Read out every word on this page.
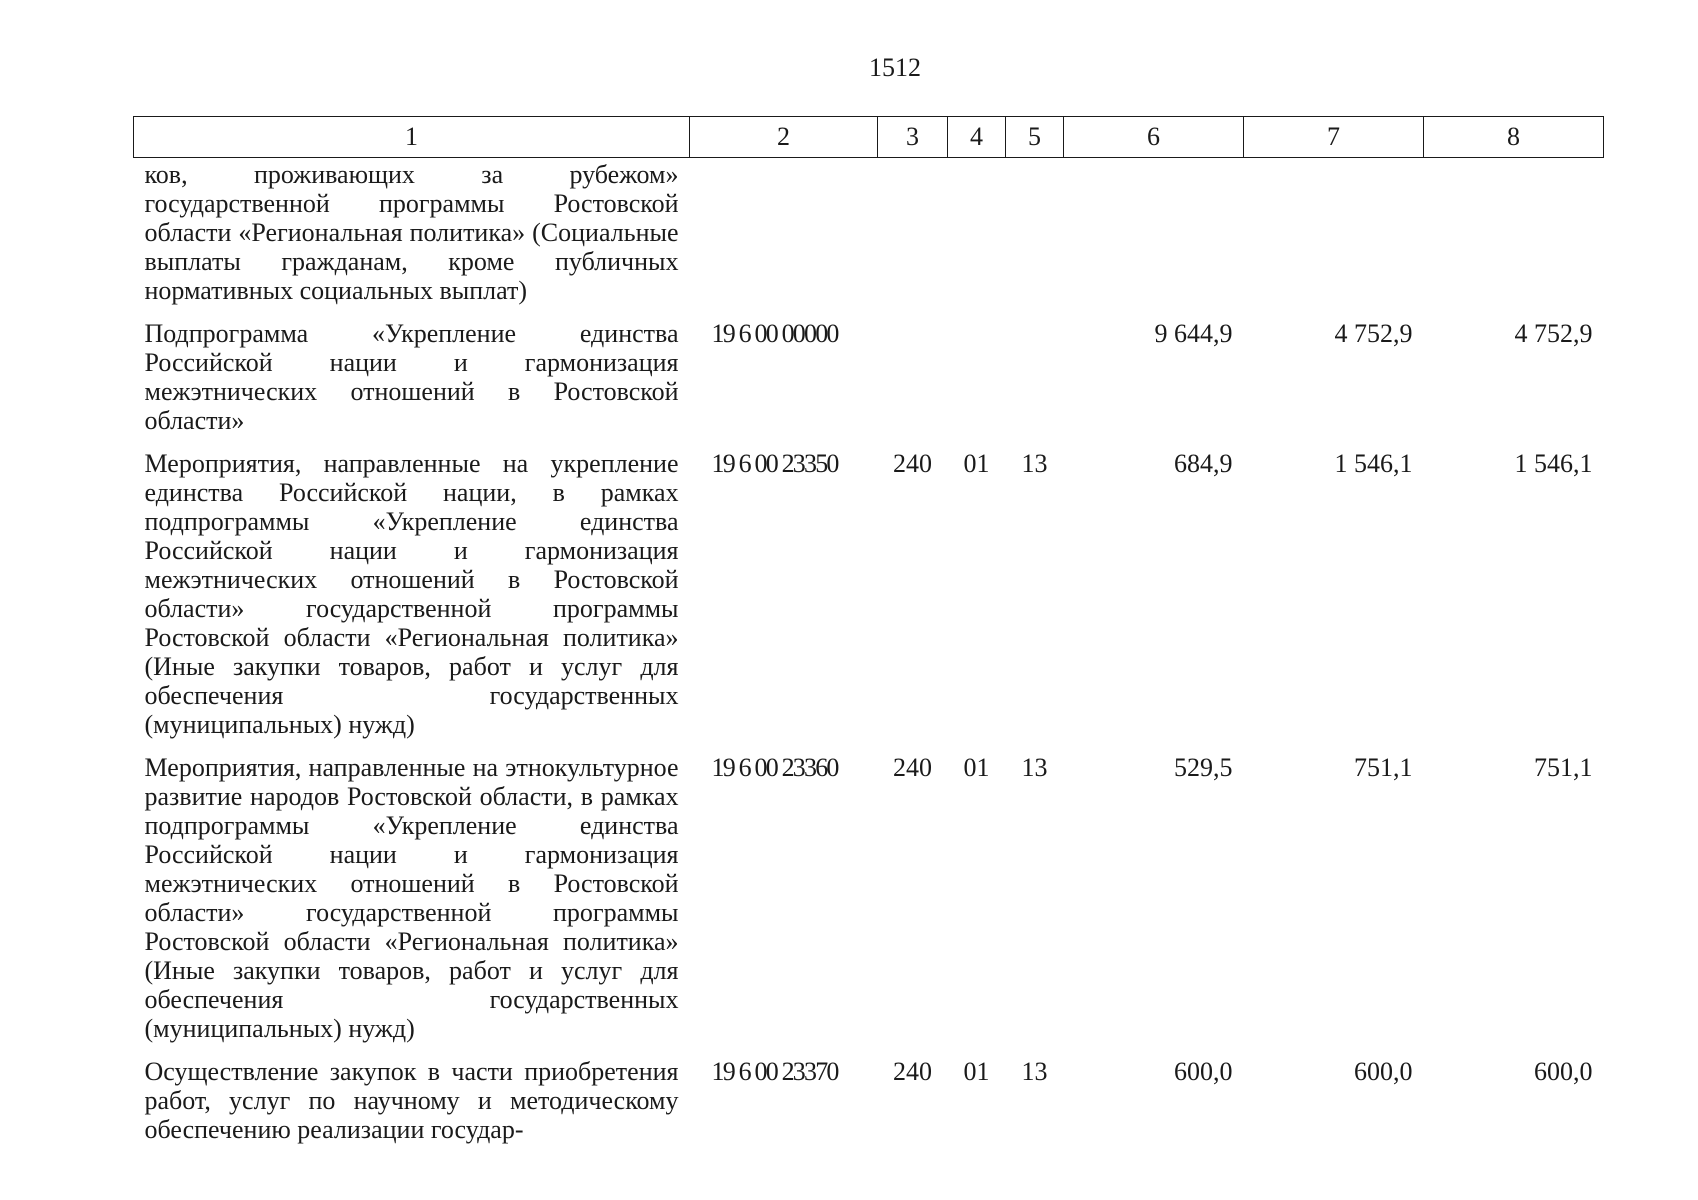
1512
1	2	3	4	5	6	7	8
ков, проживающих за рубежом» государственной программы Ростовской области «Региональная политика» (Социальные выплаты гражданам, кроме публичных нормативных социальных выплат)							
Подпрограмма «Укрепление единства Российской нации и гармонизация межэтнических отношений в Ростовской области»	19 6 00 00000				9 644,9	4 752,9	4 752,9
Мероприятия, направленные на укрепление единства Российской нации, в рамках подпрограммы «Укрепление единства Российской нации и гармонизация межэтнических отношений в Ростовской области» государственной программы Ростовской области «Региональная политика» (Иные закупки товаров, работ и услуг для обеспечения государственных (муниципальных) нужд)	19 6 00 23350	240	01	13	684,9	1 546,1	1 546,1
Мероприятия, направленные на этнокультурное развитие народов Ростовской области, в рамках подпрограммы «Укрепление единства Российской нации и гармонизация межэтнических отношений в Ростовской области» государственной программы Ростовской области «Региональная политика» (Иные закупки товаров, работ и услуг для обеспечения государственных (муниципальных) нужд)	19 6 00 23360	240	01	13	529,5	751,1	751,1
Осуществление закупок в части приобретения работ, услуг по научному и методическому обеспечению реализации государ-	19 6 00 23370	240	01	13	600,0	600,0	600,0
